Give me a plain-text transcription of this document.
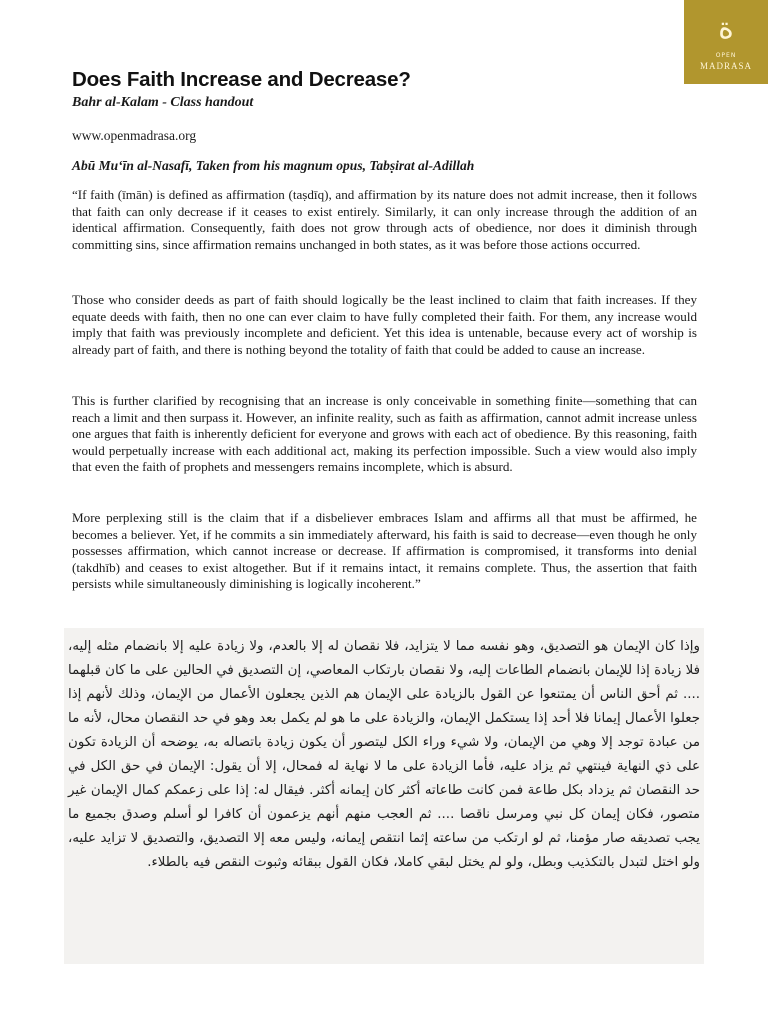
ﺓ
OPEN
MADRASA
Does Faith Increase and Decrease?
Bahr al-Kalam - Class handout
www.openmadrasa.org
Abū Mu‘īn al-Nasafī, Taken from his magnum opus, Tabṣirat al-Adillah

“If faith (īmān) is defined as affirmation (taṣdīq), and affirmation by its nature does not admit increase, then it follows that faith can only decrease if it ceases to exist entirely. Similarly, it can only increase through the addition of an identical affirmation. Consequently, faith does not grow through acts of obedience, nor does it diminish through committing sins, since affirmation remains unchanged in both states, as it was before those actions occurred.

Those who consider deeds as part of faith should logically be the least inclined to claim that faith increases. If they equate deeds with faith, then no one can ever claim to have fully completed their faith. For them, any increase would imply that faith was previously incomplete and deficient. Yet this idea is untenable, because every act of worship is already part of faith, and there is nothing beyond the totality of faith that could be added to cause an increase.

This is further clarified by recognising that an increase is only conceivable in something finite—something that can reach a limit and then surpass it. However, an infinite reality, such as faith as affirmation, cannot admit increase unless one argues that faith is inherently deficient for everyone and grows with each act of obedience. By this reasoning, faith would perpetually increase with each additional act, making its perfection impossible. Such a view would also imply that even the faith of prophets and messengers remains incomplete, which is absurd.

More perplexing still is the claim that if a disbeliever embraces Islam and affirms all that must be affirmed, he becomes a believer. Yet, if he commits a sin immediately afterward, his faith is said to decrease—even though he only possesses affirmation, which cannot increase or decrease. If affirmation is compromised, it transforms into denial (takdhīb) and ceases to exist altogether. But if it remains intact, it remains complete. Thus, the assertion that faith persists while simultaneously diminishing is logically incoherent.”

وإذا كان الإيمان هو التصديق، وهو نفسه مما لا يتزايد، فلا نقصان له إلا بالعدم، ولا زيادة عليه إلا بانضمام مثله إليه، فلا زيادة إذا للإيمان بانضمام الطاعات إليه، ولا نقصان بارتكاب المعاصي، إن التصديق في الحالين على ما كان قبلهما .... ثم أحق الناس أن يمتنعوا عن القول بالزيادة على الإيمان هم الذين يجعلون الأعمال من الإيمان، وذلك لأنهم إذا جعلوا الأعمال إيمانا فلا أحد إذا يستكمل الإيمان، والزيادة على ما هو لم يكمل بعد وهو في حد النقصان محال، لأنه ما من عبادة توجد إلا وهي من الإيمان، ولا شيء وراء الكل ليتصور أن يكون زيادة باتصاله به، يوضحه أن الزيادة تكون على ذي النهاية فينتهي ثم يزاد عليه، فأما الزيادة على ما لا نهاية له فمحال، إلا أن يقول: الإيمان في حق الكل في حد النقصان ثم يزداد بكل طاعة فمن كانت طاعاته أكثر كان إيمانه أكثر. فيقال له: إذا على زعمكم كمال الإيمان غير متصور، فكان إيمان كل نبي ومرسل ناقصا .... ثم العجب منهم أنهم يزعمون أن كافرا لو أسلم وصدق بجميع ما يجب تصديقه صار مؤمنا، ثم لو ارتكب من ساعته إثما انتقص إيمانه، وليس معه إلا التصديق، والتصديق لا تزايد عليه، ولو اختل لتبدل بالتكذيب وبطل، ولو لم يختل لبقي كاملا، فكان القول ببقائه وثبوت النقص فيه بالطلاء.
